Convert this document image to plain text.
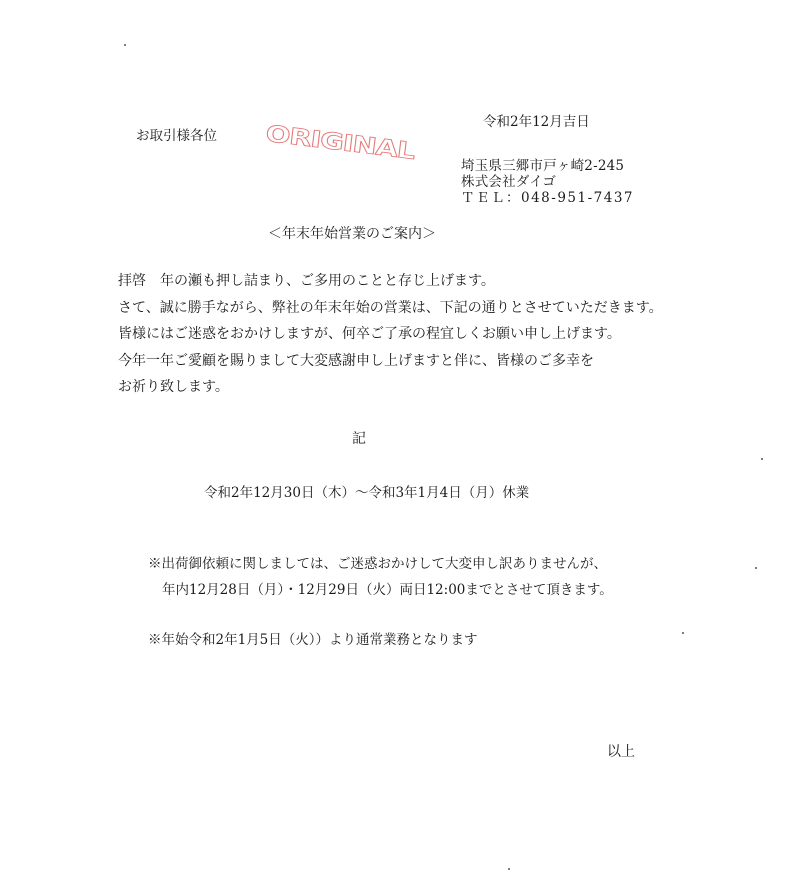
お取引様各位 ORIGINAL	令和2年12月吉日
埼玉県三郷市戸ヶ崎2-245
株式会社ダイゴ
ＴＥＬ：048-951-7437
＜年末年始営業のご案内＞
拝啓　年の瀬も押し詰まり、ご多用のことと存じ上げます。
さて、誠に勝手ながら、弊社の年末年始の営業は、下記の通りとさせていただきます。
皆様にはご迷惑をおかけしますが、何卒ご了承の程宜しくお願い申し上げます。
今年一年ご愛顧を賜りまして大変感謝申し上げますと伴に、皆様のご多幸を
お祈り致します。
記
令和2年12月30日（木）～令和3年1月4日（月）休業
※出荷御依頼に関しましては、ご迷惑おかけして大変申し訳ありませんが、
年内12月28日（月）・12月29日（火）両日12:00までとさせて頂きます。
※年始令和2年1月5日（火））より通常業務となります
以上
